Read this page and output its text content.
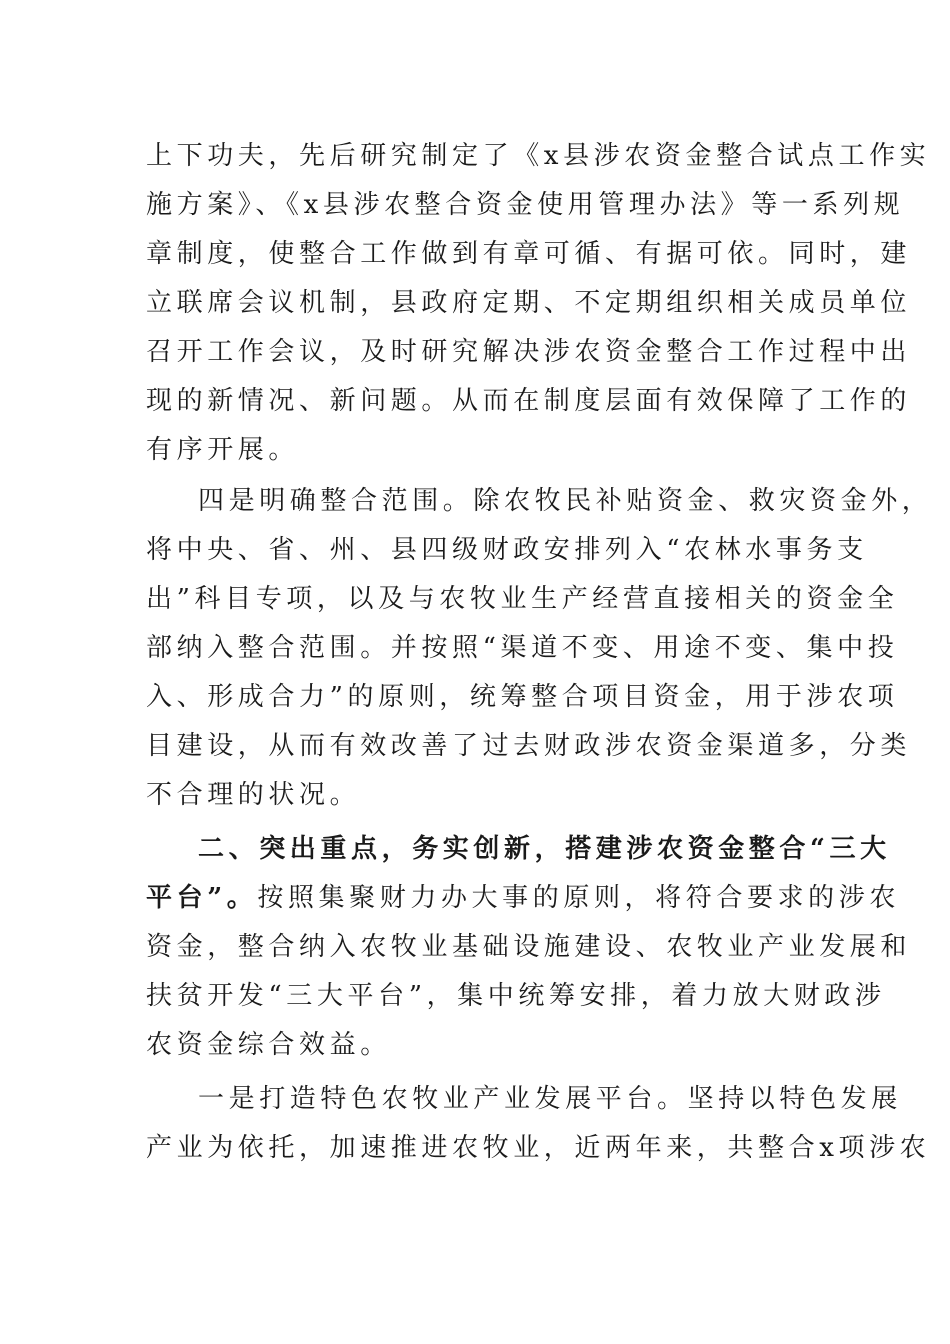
上下功夫，先后研究制定了《x县涉农资金整合试点工作实
施方案》、《x县涉农整合资金使用管理办法》等一系列规
章制度，使整合工作做到有章可循、有据可依。同时，建
立联席会议机制，县政府定期、不定期组织相关成员单位
召开工作会议，及时研究解决涉农资金整合工作过程中出
现的新情况、新问题。从而在制度层面有效保障了工作的
有序开展。
四是明确整合范围。除农牧民补贴资金、救灾资金外，
将中央、省、州、县四级财政安排列入“农林水事务支
出”科目专项，以及与农牧业生产经营直接相关的资金全
部纳入整合范围。并按照“渠道不变、用途不变、集中投
入、形成合力”的原则，统筹整合项目资金，用于涉农项
目建设，从而有效改善了过去财政涉农资金渠道多，分类
不合理的状况。
二、突出重点，务实创新，搭建涉农资金整合“三大
平台”。按照集聚财力办大事的原则，将符合要求的涉农
资金，整合纳入农牧业基础设施建设、农牧业产业发展和
扶贫开发“三大平台”，集中统筹安排，着力放大财政涉
农资金综合效益。
一是打造特色农牧业产业发展平台。坚持以特色发展
产业为依托，加速推进农牧业，近两年来，共整合x项涉农
